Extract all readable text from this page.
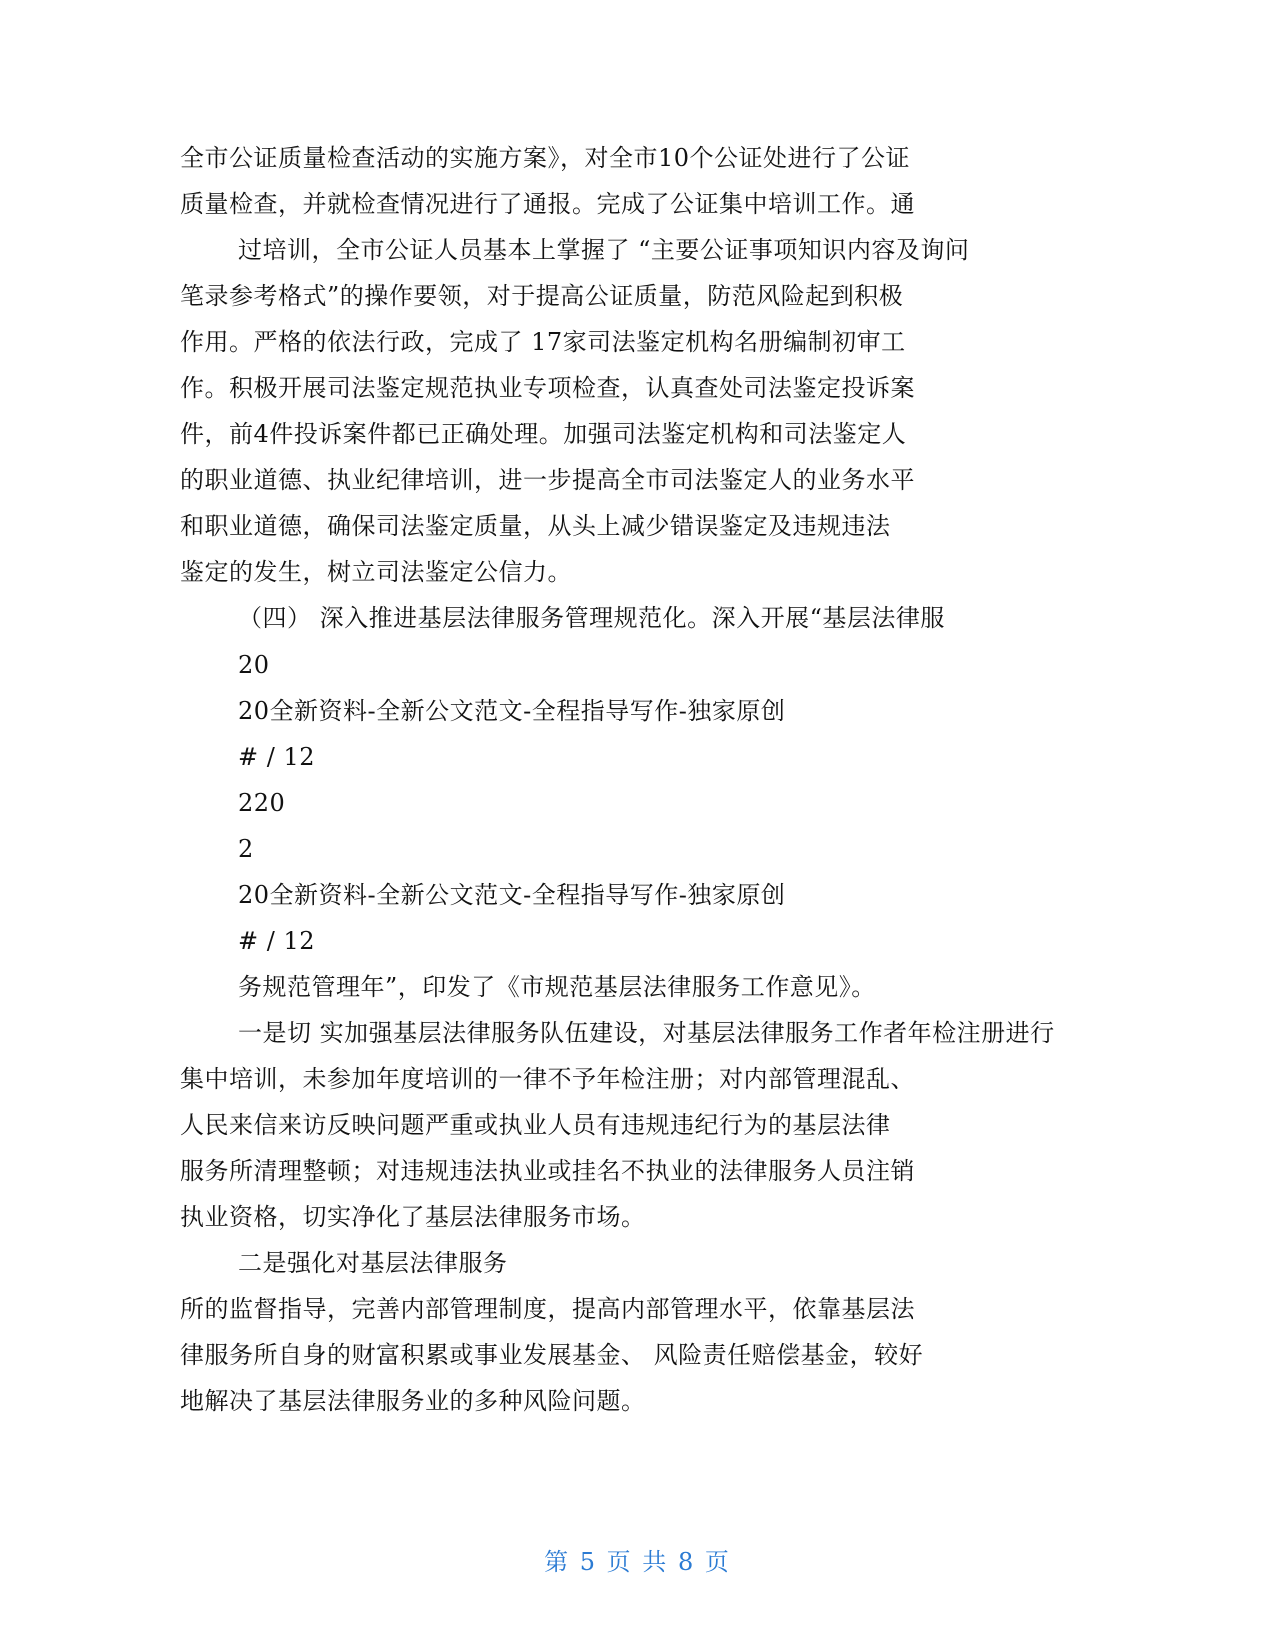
全市公证质量检查活动的实施方案》，对全市10个公证处进行了公证
质量检查，并就检查情况进行了通报。完成了公证集中培训工作。通
过培训，全市公证人员基本上掌握了 “主要公证事项知识内容及询问
笔录参考格式”的操作要领，对于提高公证质量，防范风险起到积极
作用。严格的依法行政，完成了 17家司法鉴定机构名册编制初审工
作。积极开展司法鉴定规范执业专项检查，认真查处司法鉴定投诉案
件，前4件投诉案件都已正确处理。加强司法鉴定机构和司法鉴定人
的职业道德、执业纪律培训，进一步提高全市司法鉴定人的业务水平
和职业道德，确保司法鉴定质量，从头上减少错误鉴定及违规违法
鉴定的发生，树立司法鉴定公信力。
（四） 深入推进基层法律服务管理规范化。深入开展“基层法律服
20
20全新资料-全新公文范文-全程指导写作-独家原创
# / 12
220
2
20全新资料-全新公文范文-全程指导写作-独家原创
# / 12
务规范管理年”，印发了《市规范基层法律服务工作意见》。
一是切 实加强基层法律服务队伍建设，对基层法律服务工作者年检注册进行
集中培训，未参加年度培训的一律不予年检注册；对内部管理混乱、
人民来信来访反映问题严重或执业人员有违规违纪行为的基层法律
服务所清理整顿；对违规违法执业或挂名不执业的法律服务人员注销
执业资格，切实净化了基层法律服务市场。
二是强化对基层法律服务
所的监督指导，完善内部管理制度，提高内部管理水平，依靠基层法
律服务所自身的财富积累或事业发展基金、 风险责任赔偿基金，较好
地解决了基层法律服务业的多种风险问题。
第 5 页 共 8 页
